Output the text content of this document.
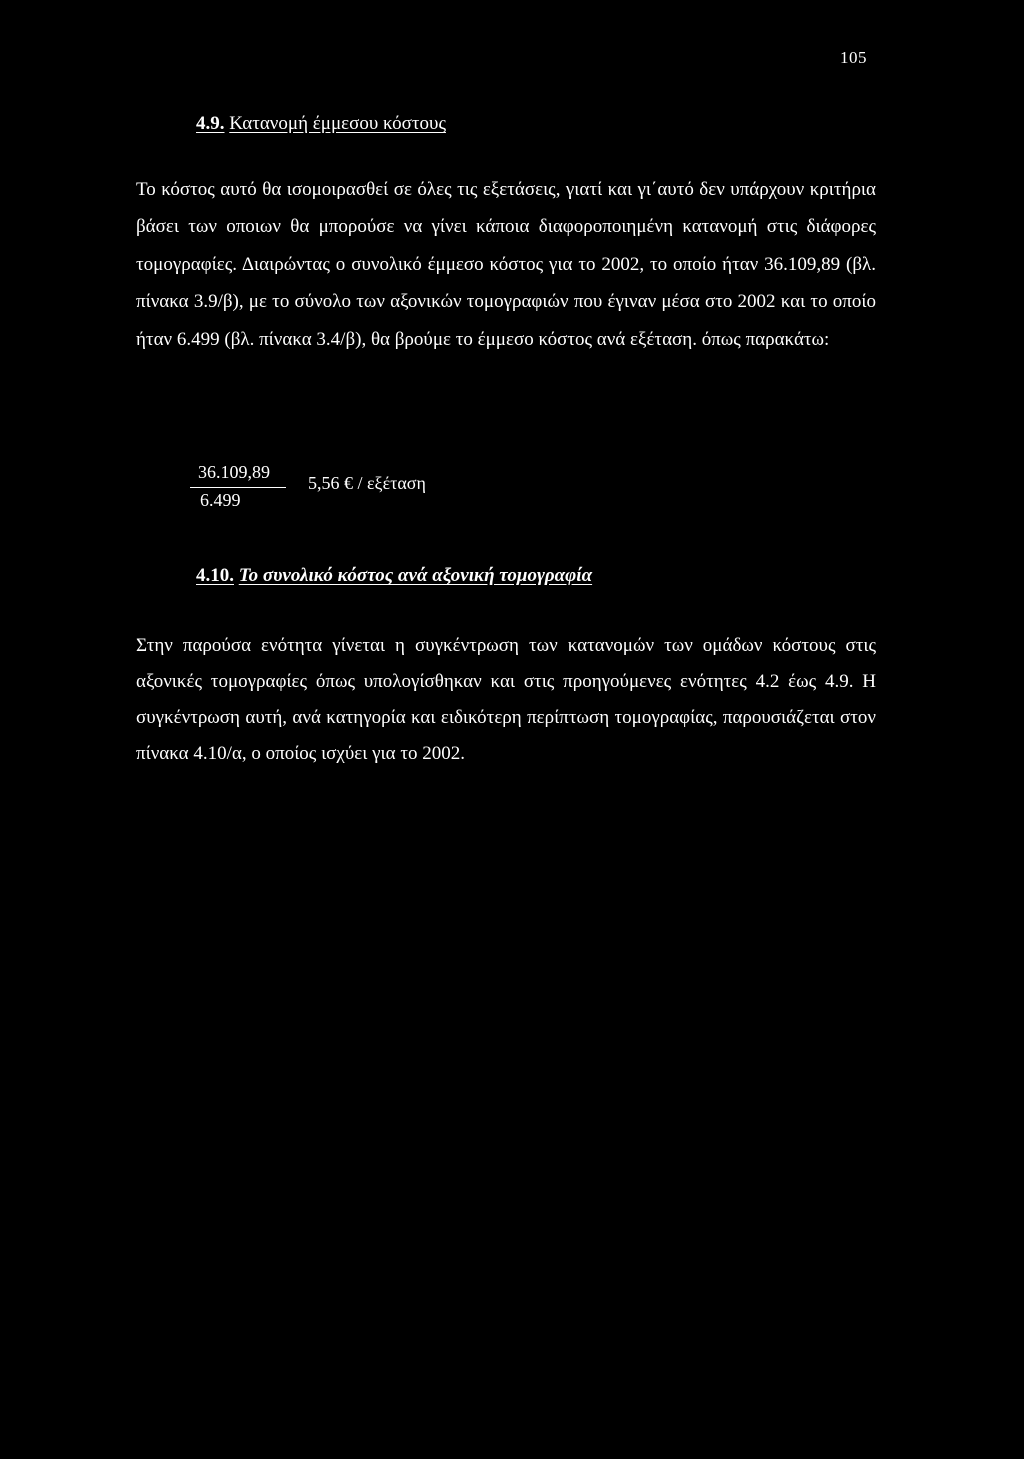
105
4.9. Κατανομή έμμεσου κόστους

Το κόστος αυτό θα ισομοιρασθεί σε όλες τις εξετάσεις, γιατί και γι΄αυτό δεν υπάρχουν κριτήρια βάσει των οποιων θα μπορούσε να γίνει κάποια διαφοροποιημένη κατανομή στις διάφορες τομογραφίες. Διαιρώντας ο συνολικό έμμεσο κόστος για το 2002, το οποίο ήταν 36.109,89 (βλ. πίνακα 3.9/β), με το σύνολο των αξονικών τομογραφιών που έγιναν μέσα στο 2002 και το οποίο ήταν 6.499 (βλ. πίνακα 3.4/β), θα βρούμε το έμμεσο κόστος ανά εξέταση. όπως παρακάτω:

36.109,89
6.499
5,56 € / εξέταση
4.10. Το συνολικό κόστος ανά αξονική τομογραφία

Στην παρούσα ενότητα γίνεται η συγκέντρωση των κατανομών των ομάδων κόστους στις αξονικές τομογραφίες όπως υπολογίσθηκαν και στις προηγούμενες ενότητες 4.2 έως 4.9. Η συγκέντρωση αυτή, ανά κατηγορία και ειδικότερη περίπτωση τομογραφίας, παρουσιάζεται στον πίνακα 4.10/α, ο οποίος ισχύει για το 2002.
